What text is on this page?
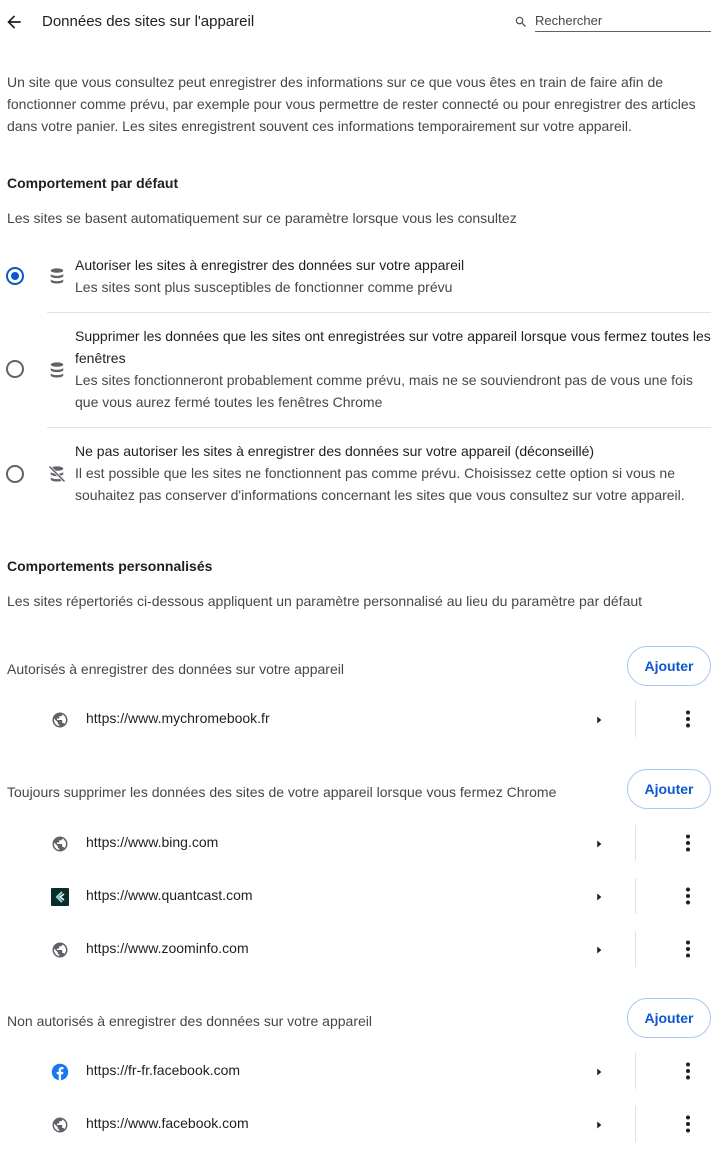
Données des sites sur l'appareil
Rechercher

Un site que vous consultez peut enregistrer des informations sur ce que vous êtes en train de faire afin de fonctionner comme prévu, par exemple pour vous permettre de rester connecté ou pour enregistrer des articles dans votre panier. Les sites enregistrent souvent ces informations temporairement sur votre appareil.

Comportement par défaut
Les sites se basent automatiquement sur ce paramètre lorsque vous les consultez
Autoriser les sites à enregistrer des données sur votre appareil
Les sites sont plus susceptibles de fonctionner comme prévu
Supprimer les données que les sites ont enregistrées sur votre appareil lorsque vous fermez toutes les fenêtres
Les sites fonctionneront probablement comme prévu, mais ne se souviendront pas de vous une fois que vous aurez fermé toutes les fenêtres Chrome
Ne pas autoriser les sites à enregistrer des données sur votre appareil (déconseillé)
Il est possible que les sites ne fonctionnent pas comme prévu. Choisissez cette option si vous ne souhaitez pas conserver d'informations concernant les sites que vous consultez sur votre appareil.
Comportements personnalisés
Les sites répertoriés ci-dessous appliquent un paramètre personnalisé au lieu du paramètre par défaut
Autorisés à enregistrer des données sur votre appareil	Ajouter
https://www.mychromebook.fr
Toujours supprimer les données des sites de votre appareil lorsque vous fermez Chrome	Ajouter
https://www.bing.com
https://www.quantcast.com
https://www.zoominfo.com
Non autorisés à enregistrer des données sur votre appareil	Ajouter
https://fr-fr.facebook.com
https://www.facebook.com
